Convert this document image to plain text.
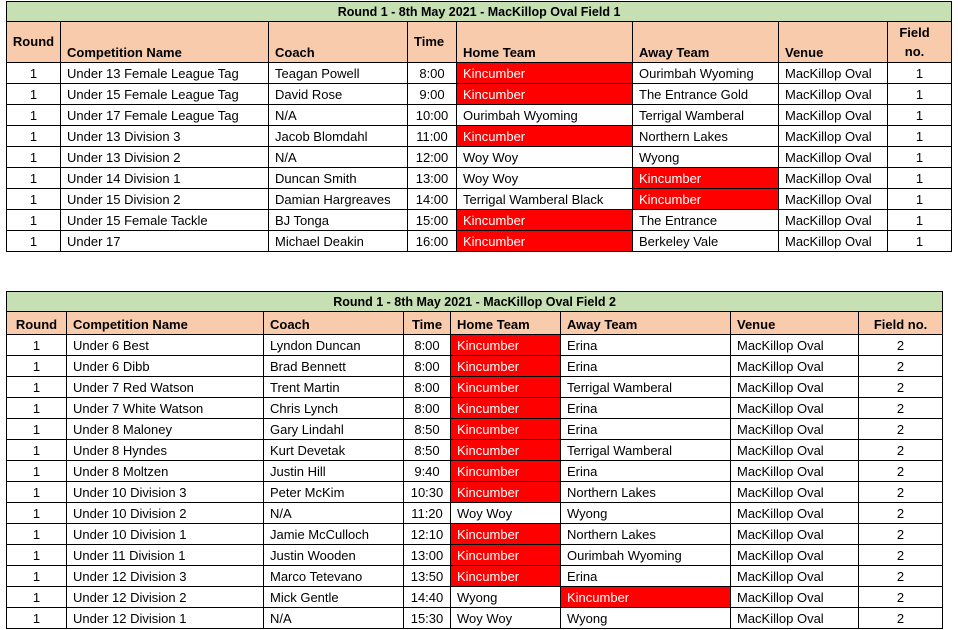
Round 1 - 8th May 2021 - MacKillop Oval Field 1							
Round	Competition Name	Coach	Time	Home Team	Away Team	Venue	Field no.
1	Under 13 Female League Tag	Teagan Powell	8:00	Kincumber	Ourimbah Wyoming	MacKillop Oval	1
1	Under 15 Female League Tag	David Rose	9:00	Kincumber	The Entrance Gold	MacKillop Oval	1
1	Under 17 Female League Tag	N/A	10:00	Ourimbah Wyoming	Terrigal Wamberal	MacKillop Oval	1
1	Under 13 Division 3	Jacob Blomdahl	11:00	Kincumber	Northern Lakes	MacKillop Oval	1
1	Under 13 Division 2	N/A	12:00	Woy Woy	Wyong	MacKillop Oval	1
1	Under 14 Division 1	Duncan Smith	13:00	Woy Woy	Kincumber	MacKillop Oval	1
1	Under 15 Division 2	Damian Hargreaves	14:00	Terrigal Wamberal Black	Kincumber	MacKillop Oval	1
1	Under 15 Female Tackle	BJ Tonga	15:00	Kincumber	The Entrance	MacKillop Oval	1
1	Under 17	Michael Deakin	16:00	Kincumber	Berkeley Vale	MacKillop Oval	1
Round 1 - 8th May 2021 - MacKillop Oval Field 2							
Round	Competition Name	Coach	Time	Home Team	Away Team	Venue	Field no.
1	Under 6 Best	Lyndon Duncan	8:00	Kincumber	Erina	MacKillop Oval	2
1	Under 6 Dibb	Brad Bennett	8:00	Kincumber	Erina	MacKillop Oval	2
1	Under 7 Red Watson	Trent Martin	8:00	Kincumber	Terrigal Wamberal	MacKillop Oval	2
1	Under 7 White Watson	Chris Lynch	8:00	Kincumber	Erina	MacKillop Oval	2
1	Under 8 Maloney	Gary Lindahl	8:50	Kincumber	Erina	MacKillop Oval	2
1	Under 8 Hyndes	Kurt Devetak	8:50	Kincumber	Terrigal Wamberal	MacKillop Oval	2
1	Under 8 Moltzen	Justin Hill	9:40	Kincumber	Erina	MacKillop Oval	2
1	Under 10 Division 3	Peter McKim	10:30	Kincumber	Northern Lakes	MacKillop Oval	2
1	Under 10 Division 2	N/A	11:20	Woy Woy	Wyong	MacKillop Oval	2
1	Under 10 Division 1	Jamie McCulloch	12:10	Kincumber	Northern Lakes	MacKillop Oval	2
1	Under 11 Division 1	Justin Wooden	13:00	Kincumber	Ourimbah Wyoming	MacKillop Oval	2
1	Under 12 Division 3	Marco Tetevano	13:50	Kincumber	Erina	MacKillop Oval	2
1	Under 12 Division 2	Mick Gentle	14:40	Wyong	Kincumber	MacKillop Oval	2
1	Under 12 Division 1	N/A	15:30	Woy Woy	Wyong	MacKillop Oval	2
